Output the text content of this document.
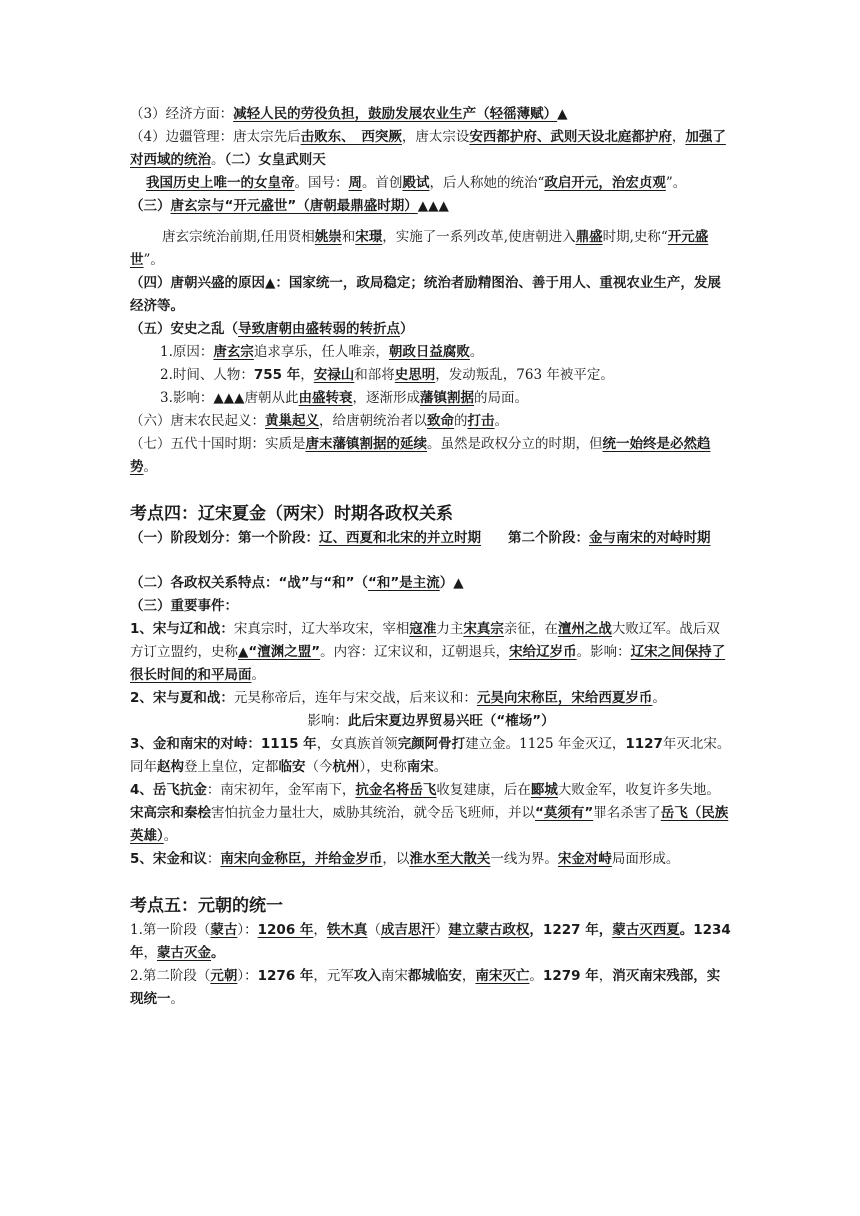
（3）经济方面：减轻人民的劳役负担，鼓励发展农业生产（轻徭薄赋）▲

（4）边疆管理：唐太宗先后击败东、　西突厥，唐太宗设安西都护府、武则天设北庭都护府，加强了对西域的统治。（二）女皇武则天

我国历史上唯一的女皇帝。国号：周。首创殿试，后人称她的统治“政启开元，治宏贞观”。

（三）唐玄宗与“开元盛世”（唐朝最鼎盛时期）▲▲▲

唐玄宗统治前期,任用贤相姚崇和宋璟，实施了一系列改革,使唐朝进入鼎盛时期,史称“开元盛世”。

（四）唐朝兴盛的原因▲：国家统一，政局稳定；统治者励精图治、善于用人、重视农业生产，发展经济等。

（五）安史之乱（导致唐朝由盛转弱的转折点）

1.原因：唐玄宗追求享乐，任人唯亲，朝政日益腐败。

2.时间、人物：755 年，安禄山和部将史思明，发动叛乱，763 年被平定。

3.影响：▲▲▲唐朝从此由盛转衰，逐渐形成藩镇割据的局面。

（六）唐末农民起义：黄巢起义，给唐朝统治者以致命的打击。

（七）五代十国时期：实质是唐末藩镇割据的延续。虽然是政权分立的时期，但统一始终是必然趋势。

考点四：辽宋夏金（两宋）时期各政权关系

（一）阶段划分：第一个阶段：辽、西夏和北宋的并立时期　　第二个阶段：金与南宋的对峙时期

（二）各政权关系特点：“战”与“和”（“和”是主流）▲

（三）重要事件：

1、宋与辽和战：宋真宗时，辽大举攻宋，宰相寇准力主宋真宗亲征，在澶州之战大败辽军。战后双方订立盟约，史称▲“澶渊之盟”。内容：辽宋议和，辽朝退兵，宋给辽岁币。影响：辽宋之间保持了很长时间的和平局面。

2、宋与夏和战：元昊称帝后，连年与宋交战，后来议和：元昊向宋称臣，宋给西夏岁币。

影响：此后宋夏边界贸易兴旺（“榷场”）

3、金和南宋的对峙：1115 年，女真族首领完颜阿骨打建立金。1125 年金灭辽，1127年灭北宋。同年赵构登上皇位，定都临安（今杭州），史称南宋。

4、岳飞抗金：南宋初年，金军南下，抗金名将岳飞收复建康，后在郾城大败金军，收复许多失地。宋高宗和秦桧害怕抗金力量壮大，威胁其统治，就令岳飞班师，并以“莫须有”罪名杀害了岳飞（民族英雄）。

5、宋金和议：南宋向金称臣，并给金岁币，以淮水至大散关一线为界。宋金对峙局面形成。

考点五：元朝的统一

1.第一阶段（蒙古）：1206 年，铁木真（成吉思汗）建立蒙古政权，1227 年，蒙古灭西夏。1234 年，蒙古灭金。

2.第二阶段（元朝）：1276 年，元军攻入南宋都城临安，南宋灭亡。1279 年，消灭南宋残部，实现统一。
